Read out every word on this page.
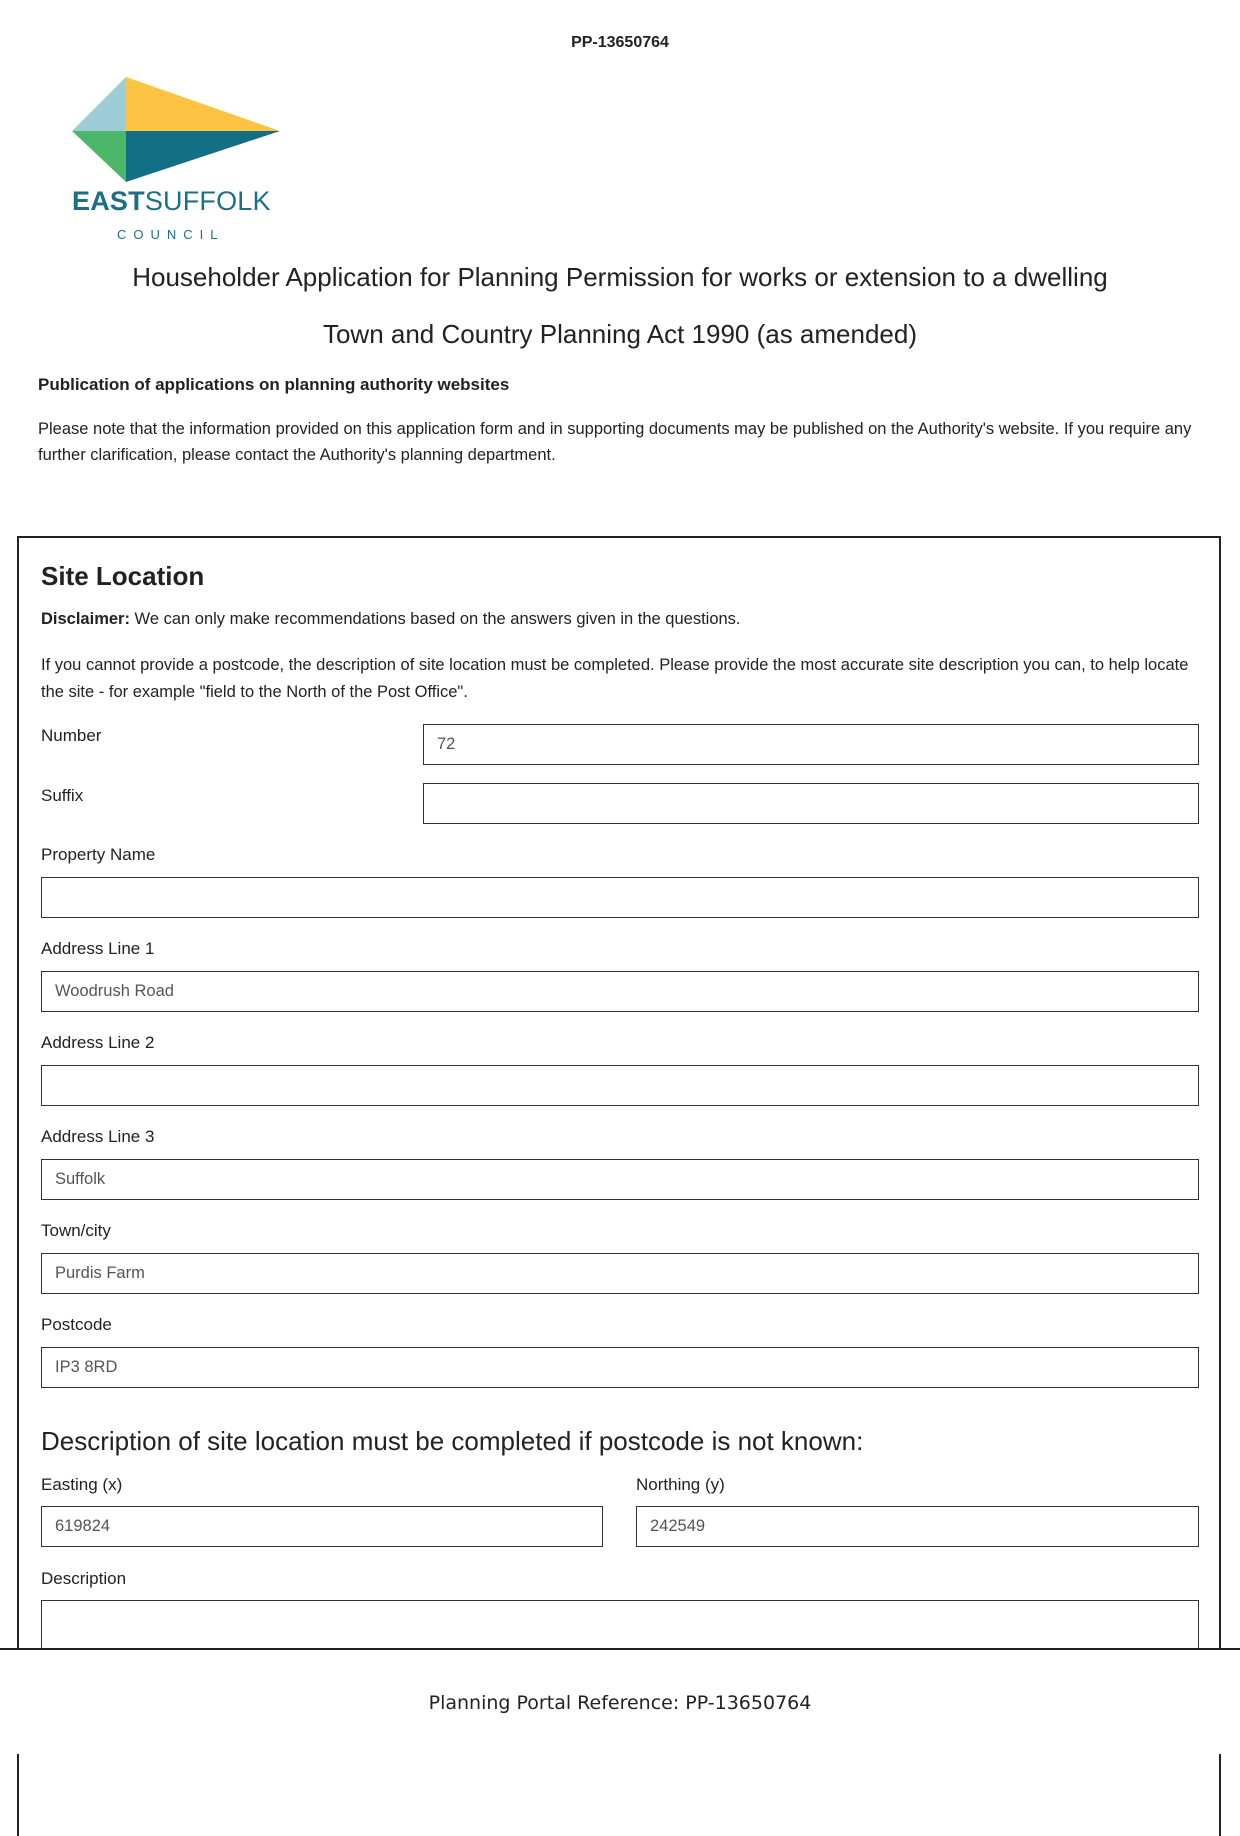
PP-13650764
EASTSUFFOLK
COUNCIL
Householder Application for Planning Permission for works or extension to a dwelling
Town and Country Planning Act 1990 (as amended)
Publication of applications on planning authority websites
Please note that the information provided on this application form and in supporting documents may be published on the Authority's website. If you require any further clarification, please contact the Authority's planning department.
Site Location
Disclaimer: We can only make recommendations based on the answers given in the questions.
If you cannot provide a postcode, the description of site location must be completed. Please provide the most accurate site description you can, to help locate the site - for example "field to the North of the Post Office".
Number	72
Suffix
Property Name
Address Line 1
Woodrush Road
Address Line 2
Address Line 3
Suffolk
Town/city
Purdis Farm
Postcode
IP3 8RD
Description of site location must be completed if postcode is not known:
Easting (x)
619824
Northing (y)
242549
Description
Planning Portal Reference: PP-13650764
